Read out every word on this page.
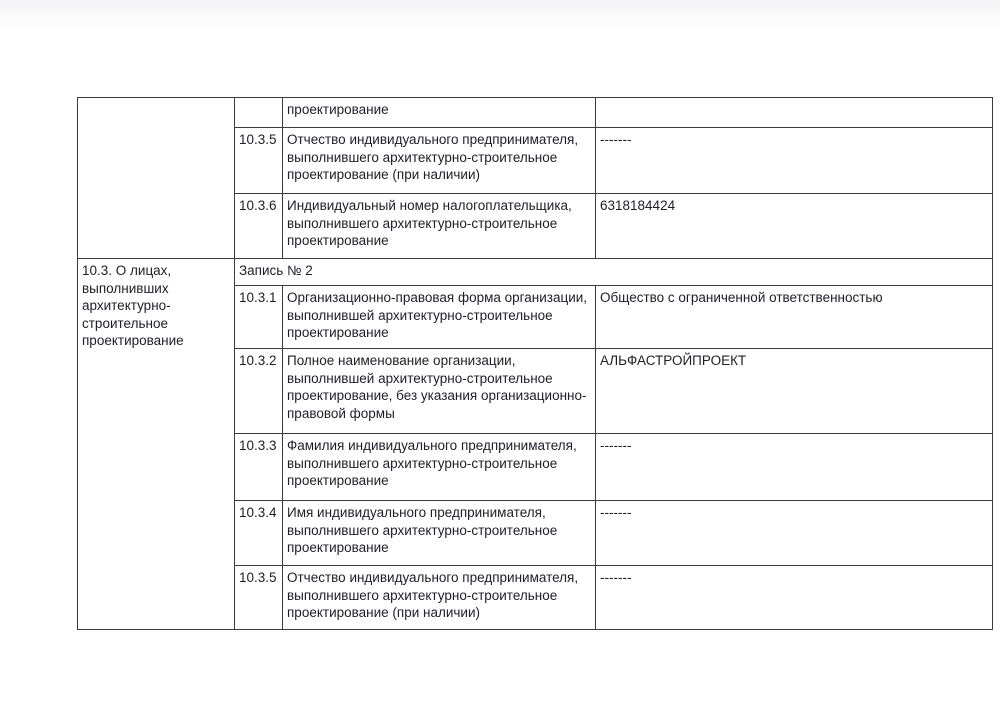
		проектирование	
	10.3.5	Отчество индивидуального предпринимателя, выполнившего архитектурно-строительное проектирование (при наличии)	-------
	10.3.6	Индивидуальный номер налогоплательщика, выполнившего архитектурно-строительное проектирование	6318184424
10.3. О лицах, выполнивших архитектурно-строительное проектирование	Запись № 2		
	10.3.1	Организационно-правовая форма организации, выполнившей архитектурно-строительное проектирование	Общество с ограниченной ответственностью
	10.3.2	Полное наименование организации, выполнившей архитектурно-строительное проектирование, без указания организационно-правовой формы	АЛЬФАСТРОЙПРОЕКТ
	10.3.3	Фамилия индивидуального предпринимателя, выполнившего архитектурно-строительное проектирование	-------
	10.3.4	Имя индивидуального предпринимателя, выполнившего архитектурно-строительное проектирование	-------
	10.3.5	Отчество индивидуального предпринимателя, выполнившего архитектурно-строительное проектирование (при наличии)	-------
